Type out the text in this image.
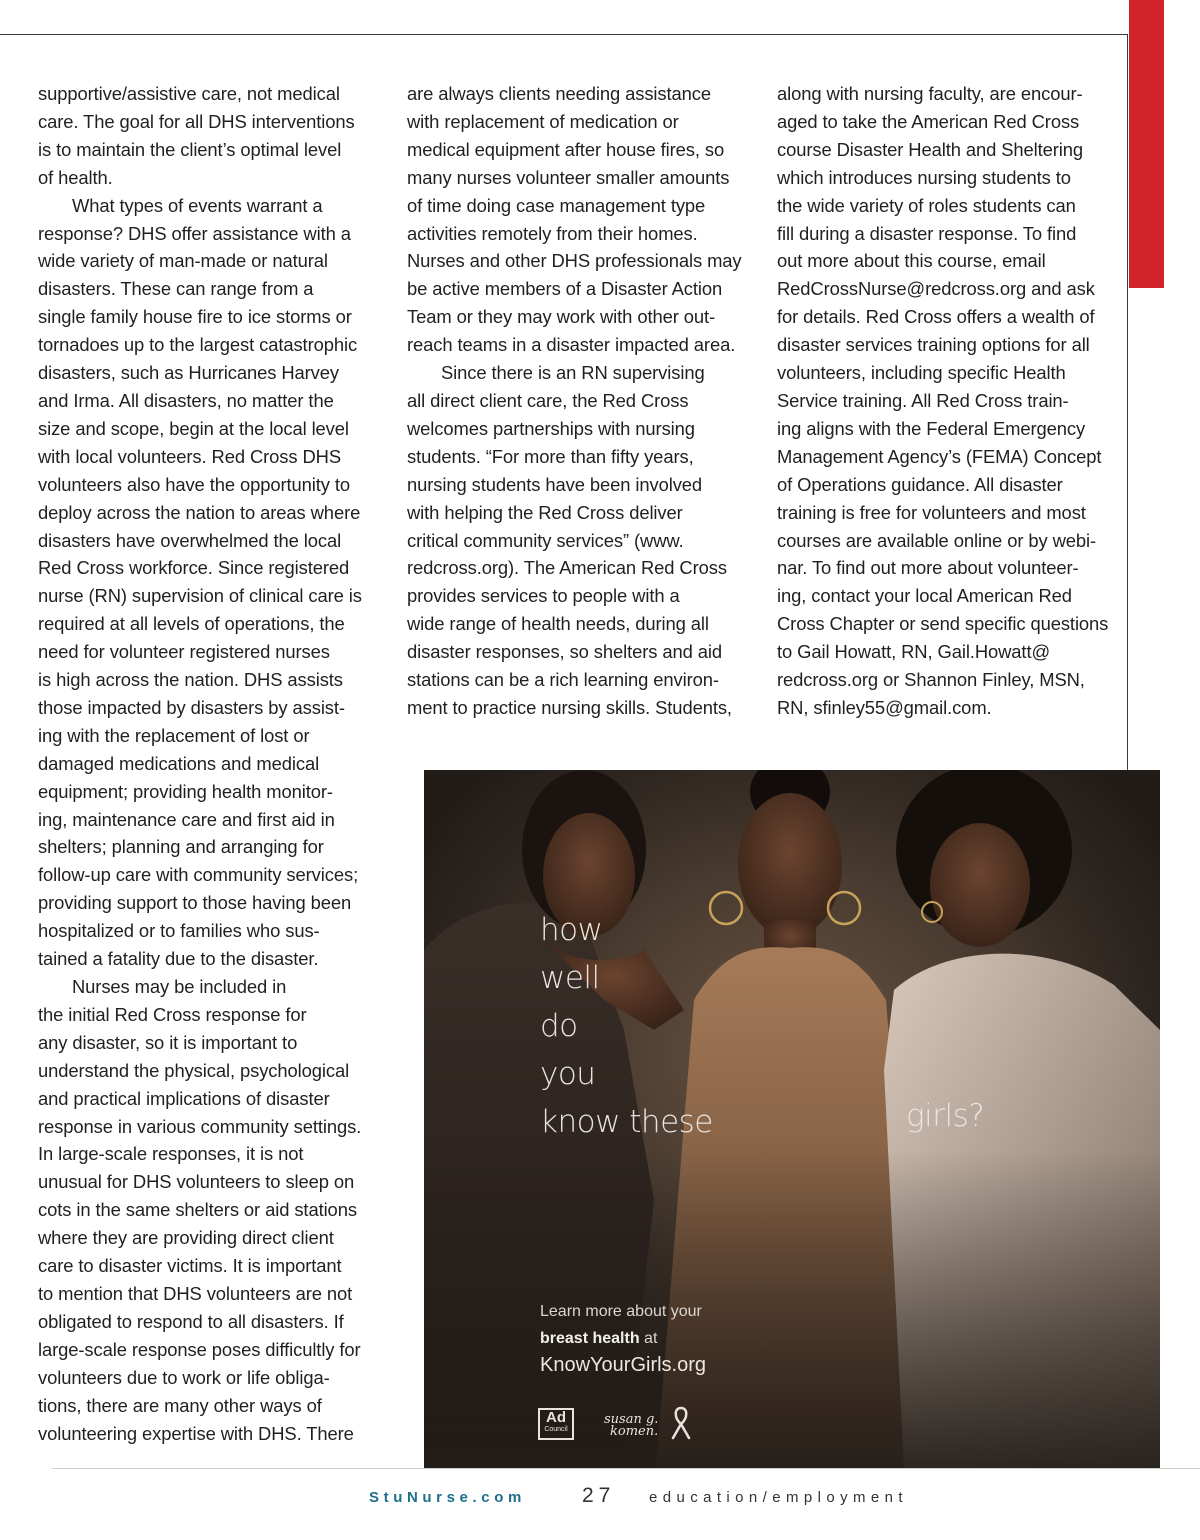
supportive/assistive care, not medical
care. The goal for all DHS interventions
is to maintain the client’s optimal level
of health.

What types of events warrant a
response? DHS offer assistance with a
wide variety of man-made or natural
disasters. These can range from a
single family house fire to ice storms or
tornadoes up to the largest catastrophic
disasters, such as Hurricanes Harvey
and Irma. All disasters, no matter the
size and scope, begin at the local level
with local volunteers. Red Cross DHS
volunteers also have the opportunity to
deploy across the nation to areas where
disasters have overwhelmed the local
Red Cross workforce. Since registered
nurse (RN) supervision of clinical care is
required at all levels of operations, the
need for volunteer registered nurses
is high across the nation. DHS assists
those impacted by disasters by assist-
ing with the replacement of lost or
damaged medications and medical
equipment; providing health monitor-
ing, maintenance care and first aid in
shelters; planning and arranging for
follow-up care with community services;
providing support to those having been
hospitalized or to families who sus-
tained a fatality due to the disaster.

Nurses may be included in
the initial Red Cross response for
any disaster, so it is important to
understand the physical, psychological
and practical implications of disaster
response in various community settings.
In large-scale responses, it is not
unusual for DHS volunteers to sleep on
cots in the same shelters or aid stations
where they are providing direct client
care to disaster victims. It is important
to mention that DHS volunteers are not
obligated to respond to all disasters. If
large-scale response poses difficultly for
volunteers due to work or life obliga-
tions, there are many other ways of
volunteering expertise with DHS. There

are always clients needing assistance
with replacement of medication or
medical equipment after house fires, so
many nurses volunteer smaller amounts
of time doing case management type
activities remotely from their homes.
Nurses and other DHS professionals may
be active members of a Disaster Action
Team or they may work with other out-
reach teams in a disaster impacted area.

Since there is an RN supervising
all direct client care, the Red Cross
welcomes partnerships with nursing
students. “For more than fifty years,
nursing students have been involved
with helping the Red Cross deliver
critical community services” (www.
redcross.org). The American Red Cross
provides services to people with a
wide range of health needs, during all
disaster responses, so shelters and aid
stations can be a rich learning environ-
ment to practice nursing skills. Students,

along with nursing faculty, are encour-
aged to take the American Red Cross
course Disaster Health and Sheltering
which introduces nursing students to
the wide variety of roles students can
fill during a disaster response. To find
out more about this course, email
RedCrossNurse@redcross.org and ask
for details. Red Cross offers a wealth of
disaster services training options for all
volunteers, including specific Health
Service training. All Red Cross train-
ing aligns with the Federal Emergency
Management Agency’s (FEMA) Concept
of Operations guidance. All disaster
training is free for volunteers and most
courses are available online or by webi-
nar. To find out more about volunteer-
ing, contact your local American Red
Cross Chapter or send specific questions
to Gail Howatt, RN, Gail.Howatt@
redcross.org or Shannon Finley, MSN,
RN, sfinley55@gmail.com.

how
well
do
you
know these	girls?
Learn more about your
breast health at
KnowYourGirls.org
Ad
Council
susan g.
komen.
StuNurse.com	27 education/employment
